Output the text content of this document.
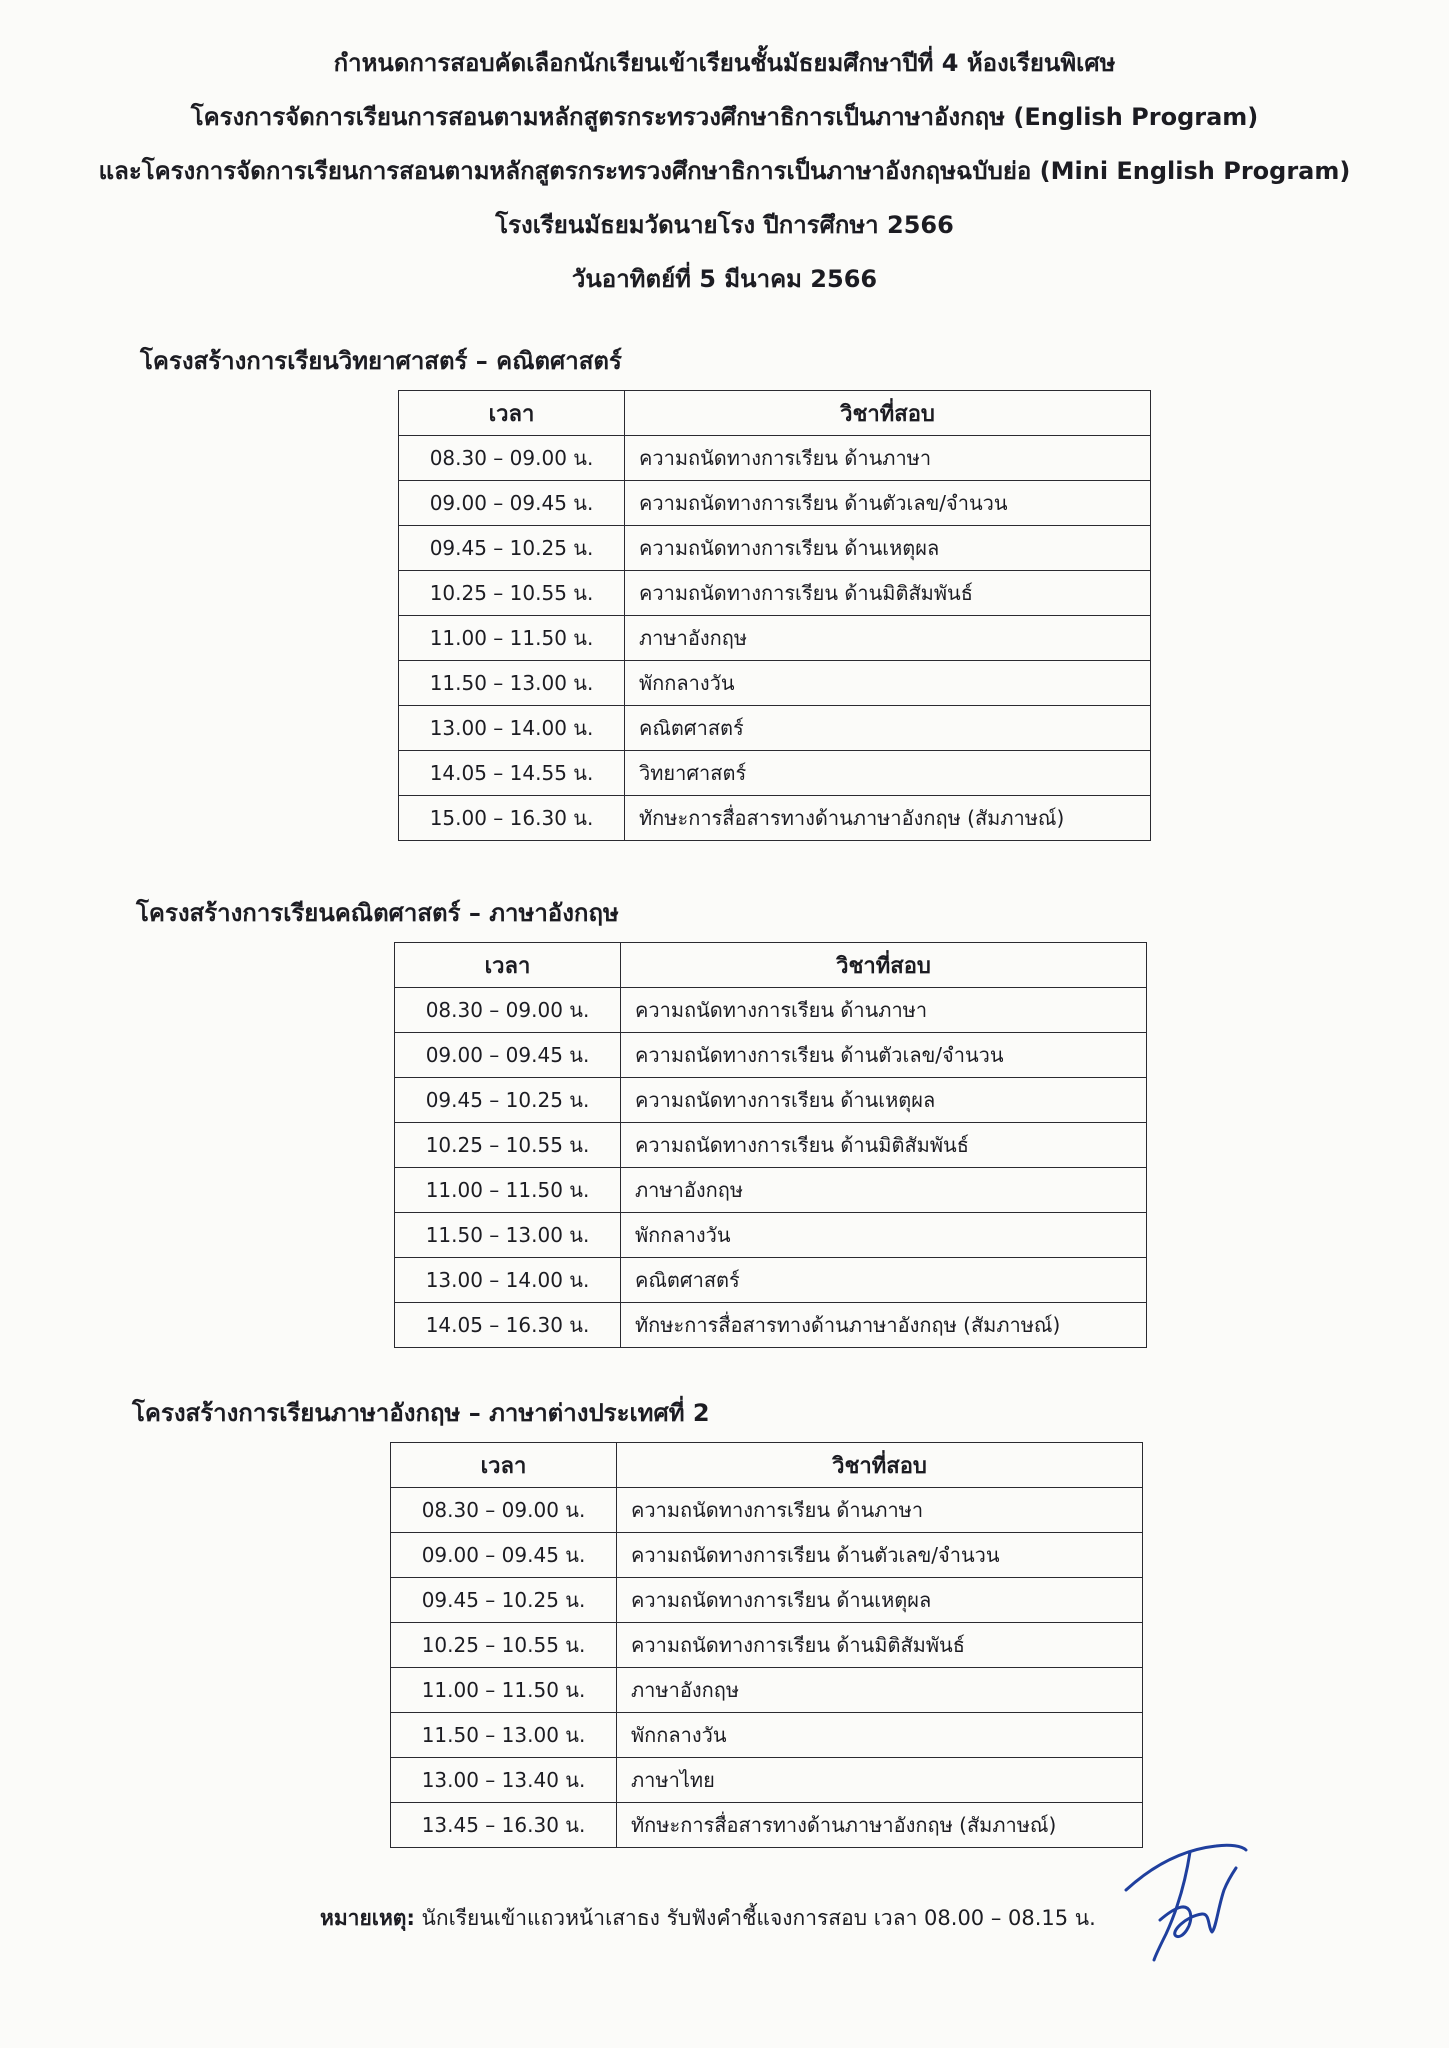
กำหนดการสอบคัดเลือกนักเรียนเข้าเรียนชั้นมัธยมศึกษาปีที่ 4 ห้องเรียนพิเศษ
โครงการจัดการเรียนการสอนตามหลักสูตรกระทรวงศึกษาธิการเป็นภาษาอังกฤษ (English Program)
และโครงการจัดการเรียนการสอนตามหลักสูตรกระทรวงศึกษาธิการเป็นภาษาอังกฤษฉบับย่อ (Mini English Program)
โรงเรียนมัธยมวัดนายโรง ปีการศึกษา 2566
วันอาทิตย์ที่ 5 มีนาคม 2566
โครงสร้างการเรียนวิทยาศาสตร์ – คณิตศาสตร์
เวลา	วิชาที่สอบ
08.30 – 09.00 น.	ความถนัดทางการเรียน ด้านภาษา
09.00 – 09.45 น.	ความถนัดทางการเรียน ด้านตัวเลข/จำนวน
09.45 – 10.25 น.	ความถนัดทางการเรียน ด้านเหตุผล
10.25 – 10.55 น.	ความถนัดทางการเรียน ด้านมิติสัมพันธ์
11.00 – 11.50 น.	ภาษาอังกฤษ
11.50 – 13.00 น.	พักกลางวัน
13.00 – 14.00 น.	คณิตศาสตร์
14.05 – 14.55 น.	วิทยาศาสตร์
15.00 – 16.30 น.	ทักษะการสื่อสารทางด้านภาษาอังกฤษ (สัมภาษณ์)
โครงสร้างการเรียนคณิตศาสตร์ – ภาษาอังกฤษ
เวลา	วิชาที่สอบ
08.30 – 09.00 น.	ความถนัดทางการเรียน ด้านภาษา
09.00 – 09.45 น.	ความถนัดทางการเรียน ด้านตัวเลข/จำนวน
09.45 – 10.25 น.	ความถนัดทางการเรียน ด้านเหตุผล
10.25 – 10.55 น.	ความถนัดทางการเรียน ด้านมิติสัมพันธ์
11.00 – 11.50 น.	ภาษาอังกฤษ
11.50 – 13.00 น.	พักกลางวัน
13.00 – 14.00 น.	คณิตศาสตร์
14.05 – 16.30 น.	ทักษะการสื่อสารทางด้านภาษาอังกฤษ (สัมภาษณ์)
โครงสร้างการเรียนภาษาอังกฤษ – ภาษาต่างประเทศที่ 2
เวลา	วิชาที่สอบ
08.30 – 09.00 น.	ความถนัดทางการเรียน ด้านภาษา
09.00 – 09.45 น.	ความถนัดทางการเรียน ด้านตัวเลข/จำนวน
09.45 – 10.25 น.	ความถนัดทางการเรียน ด้านเหตุผล
10.25 – 10.55 น.	ความถนัดทางการเรียน ด้านมิติสัมพันธ์
11.00 – 11.50 น.	ภาษาอังกฤษ
11.50 – 13.00 น.	พักกลางวัน
13.00 – 13.40 น.	ภาษาไทย
13.45 – 16.30 น.	ทักษะการสื่อสารทางด้านภาษาอังกฤษ (สัมภาษณ์)
หมายเหตุ: นักเรียนเข้าแถวหน้าเสาธง รับฟังคำชี้แจงการสอบ เวลา 08.00 – 08.15 น.
